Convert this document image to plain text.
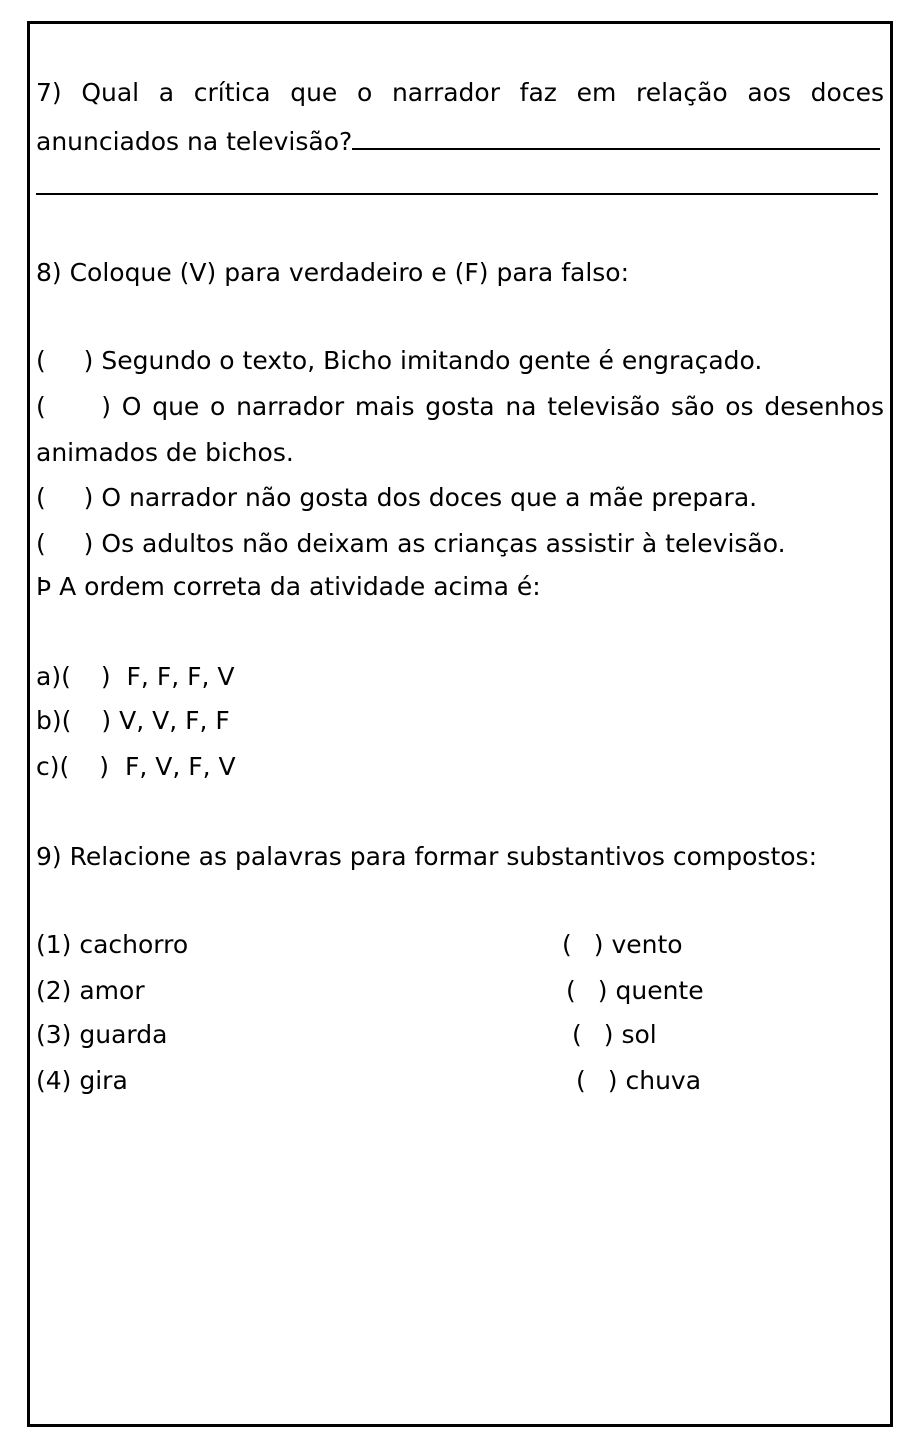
7) Qual a crítica que o narrador faz em relação aos doces
anunciados na televisão?
8) Coloque (V) para verdadeiro e (F) para falso:
( ) Segundo o texto, Bicho imitando gente é engraçado.
( ) O que o narrador mais gosta na televisão são os desenhos
animados de bichos.
( ) O narrador não gosta dos doces que a mãe prepara.
( ) Os adultos não deixam as crianças assistir à televisão.
Þ A ordem correta da atividade acima é:
a)( ) F, F, F, V
b)( ) V, V, F, F
c)( ) F, V, F, V
9) Relacione as palavras para formar substantivos compostos:
(1) cachorro
(2) amor
(3) guarda
(4) gira
( ) vento
( ) quente
( ) sol
( ) chuva
